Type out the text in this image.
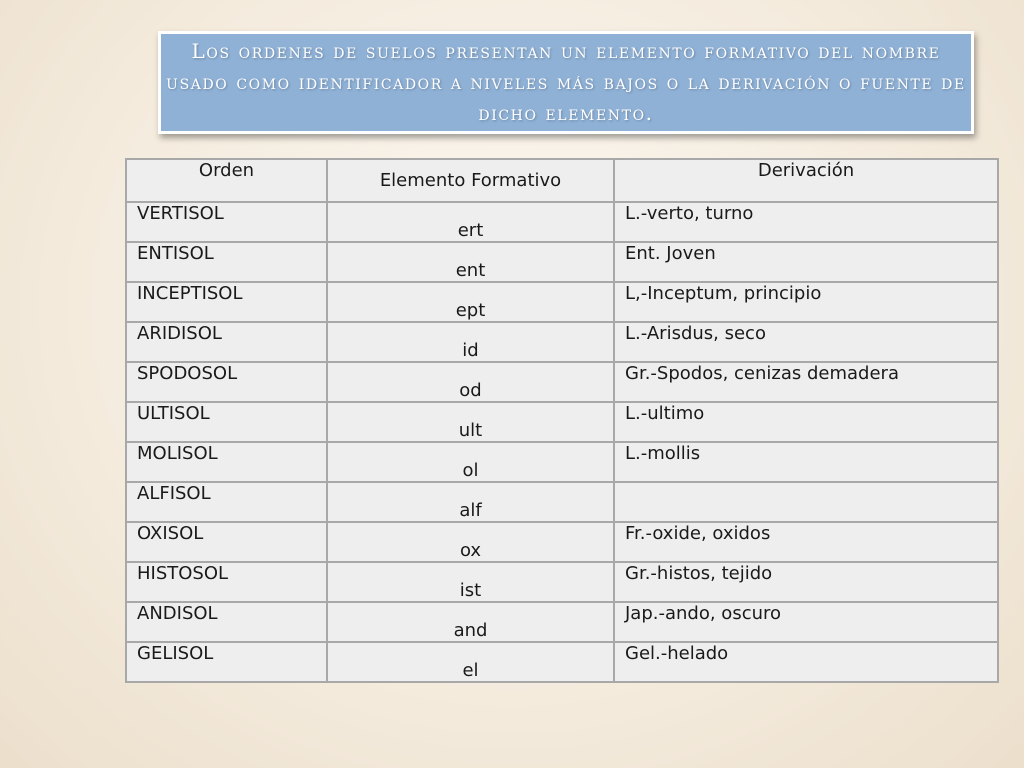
Los ordenes de suelos presentan un elemento formativo del nombre usado como identificador a niveles más bajos o la derivación o fuente de dicho elemento.

Orden	Elemento Formativo	Derivación
VERTISOL	ert	L.-verto, turno
ENTISOL	ent	Ent. Joven
INCEPTISOL	ept	L,-Inceptum, principio
ARIDISOL	id	L.-Arisdus, seco
SPODOSOL	od	Gr.-Spodos, cenizas demadera
ULTISOL	ult	L.-ultimo
MOLISOL	ol	L.-mollis
ALFISOL	alf	
OXISOL	ox	Fr.-oxide, oxidos
HISTOSOL	ist	Gr.-histos, tejido
ANDISOL	and	Jap.-ando, oscuro
GELISOL	el	Gel.-helado
